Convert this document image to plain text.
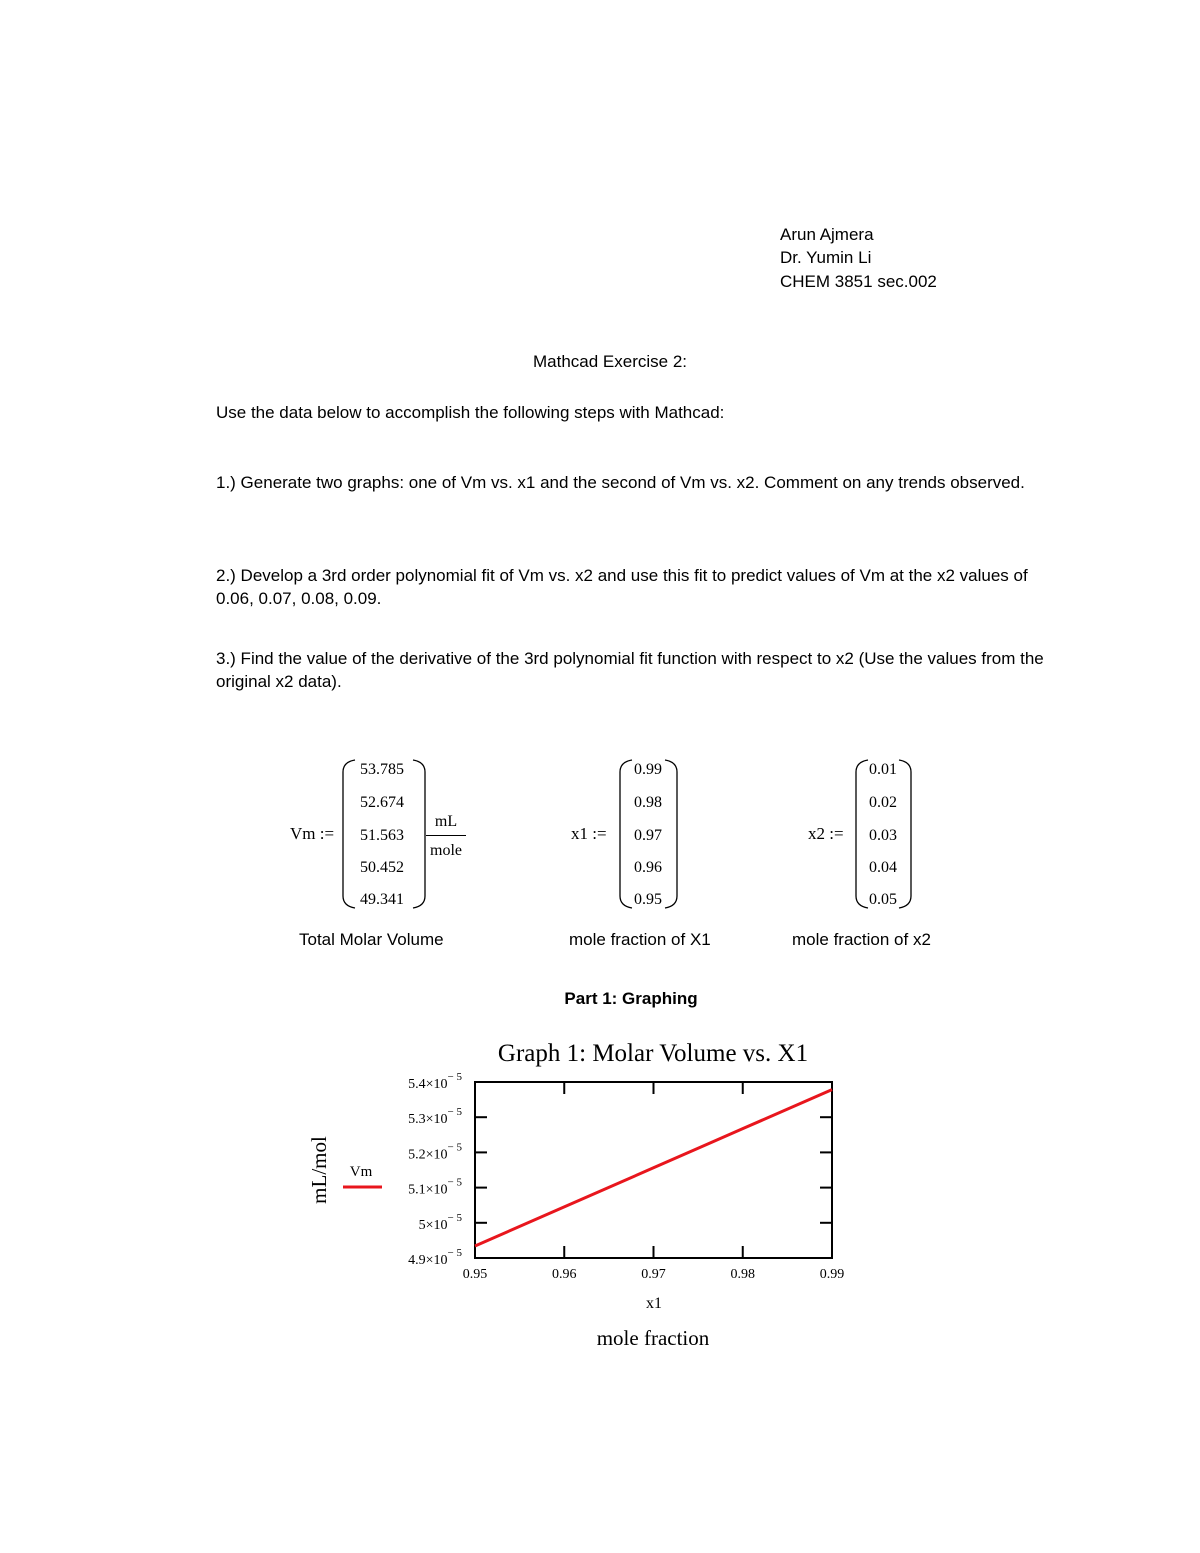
Arun Ajmera
Dr. Yumin Li
CHEM 3851 sec.002
Mathcad Exercise 2:
Use the data below to accomplish the following steps with Mathcad:
1.) Generate two graphs: one of Vm vs. x1 and the second of Vm vs. x2. Comment on any trends observed.
2.) Develop a 3rd order polynomial fit of Vm vs. x2 and use this fit to predict values of Vm at the x2 values of 0.06, 0.07, 0.08, 0.09.
3.) Find the value of the derivative of the 3rd polynomial fit function with respect to x2 (Use the values from the original x2 data).
Vm :=
53.785
52.674
51.563
50.452
49.341
mL
mole
Total Molar Volume
x1 :=
0.99
0.98
0.97
0.96
0.95
mole fraction of X1
x2 :=
0.01
0.02
0.03
0.04
0.05
mole fraction of x2
Part 1: Graphing
Graph 1: Molar Volume vs. X1
$4.9\times 10^{- 5}$
$5\times 10^{- 5}$
$5.1\times 10^{- 5}$
$5.2\times 10^{- 5}$
$5.3\times 10^{- 5}$
$5.4\times 10^{- 5}$
0.95	0.96	0.97	0.98	0.99
mL/mol Vm
x1
mole fraction
